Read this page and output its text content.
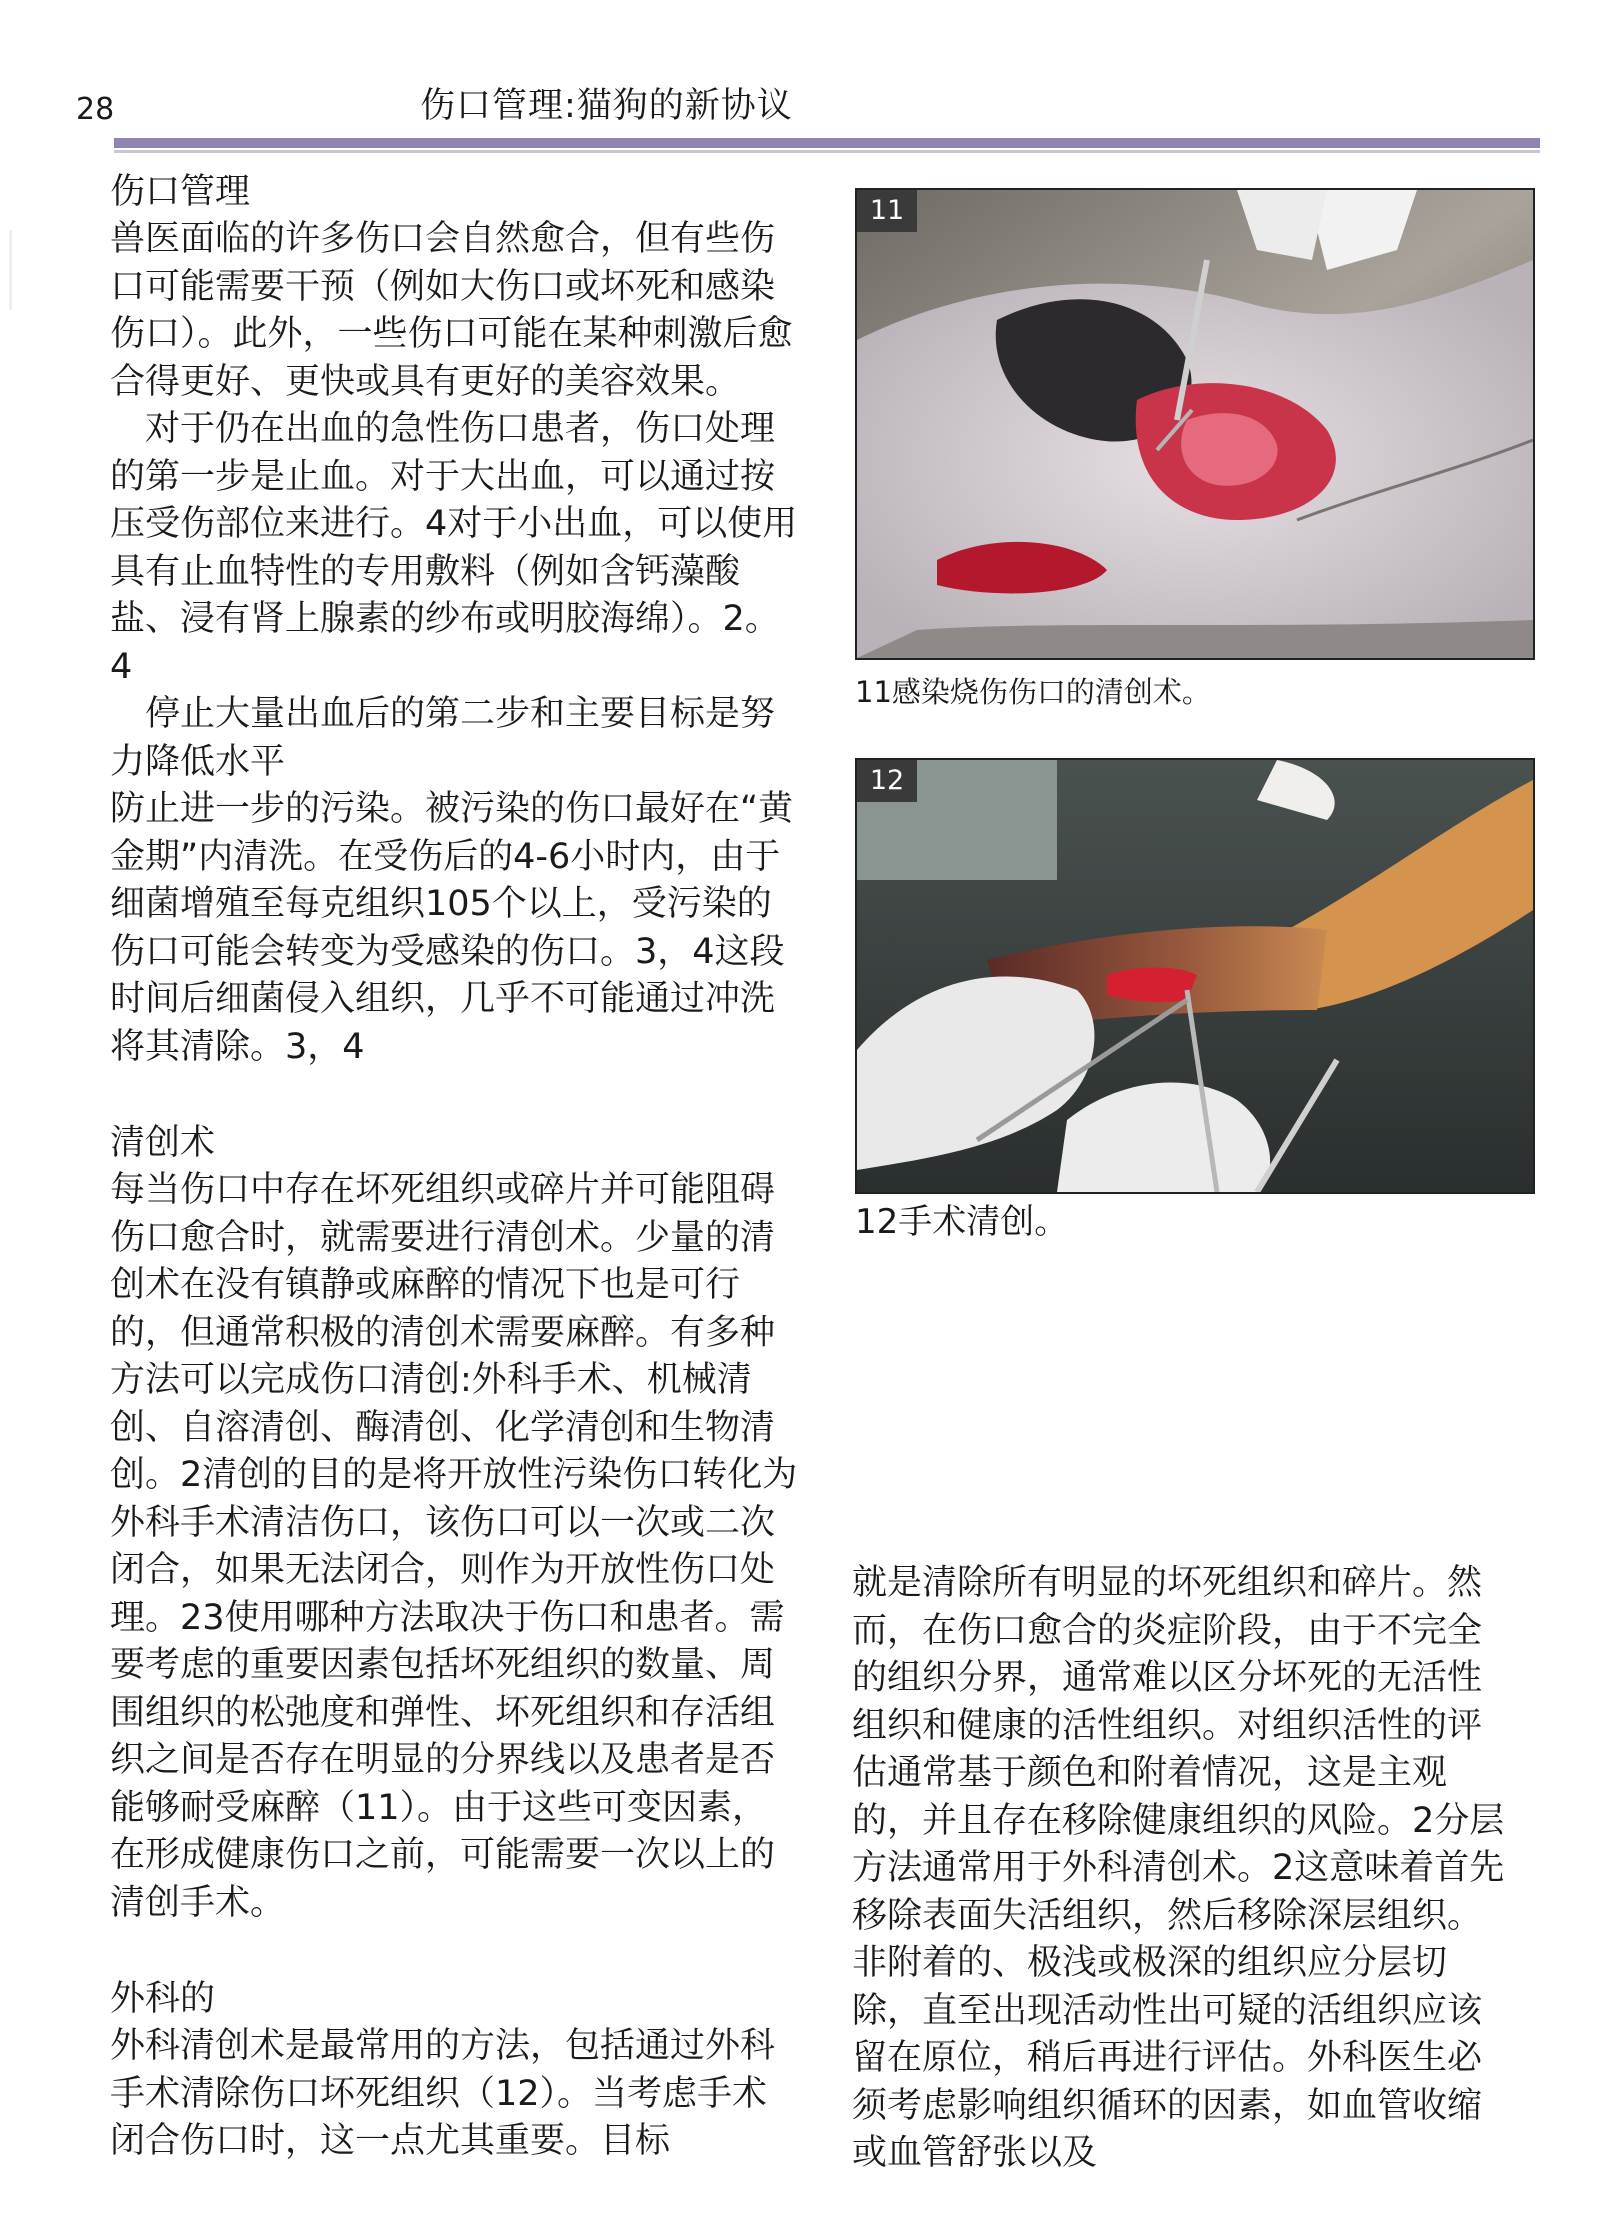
28	伤口管理:猫狗的新协议
伤口管理

兽医面临的许多伤口会自然愈合，但有些伤口可能需要干预（例如大伤口或坏死和感染伤口）。此外，一些伤口可能在某种刺激后愈合得更好、更快或具有更好的美容效果。

对于仍在出血的急性伤口患者，伤口处理的第一步是止血。对于大出血，可以通过按压受伤部位来进行。4对于小出血，可以使用具有止血特性的专用敷料（例如含钙藻酸盐、浸有肾上腺素的纱布或明胶海绵）。2。4

停止大量出血后的第二步和主要目标是努力降低水平

防止进一步的污染。被污染的伤口最好在“黄金期”内清洗。在受伤后的4-6小时内，由于细菌增殖至每克组织105个以上，受污染的伤口可能会转变为受感染的伤口。3，4这段时间后细菌侵入组织，几乎不可能通过冲洗将其清除。3，4

清创术

每当伤口中存在坏死组织或碎片并可能阻碍伤口愈合时，就需要进行清创术。少量的清创术在没有镇静或麻醉的情况下也是可行的，但通常积极的清创术需要麻醉。有多种方法可以完成伤口清创:外科手术、机械清创、自溶清创、酶清创、化学清创和生物清创。2清创的目的是将开放性污染伤口转化为外科手术清洁伤口，该伤口可以一次或二次闭合，如果无法闭合，则作为开放性伤口处理。23使用哪种方法取决于伤口和患者。需要考虑的重要因素包括坏死组织的数量、周围组织的松弛度和弹性、坏死组织和存活组织之间是否存在明显的分界线以及患者是否能够耐受麻醉（11）。由于这些可变因素，在形成健康伤口之前，可能需要一次以上的清创手术。

外科的

外科清创术是最常用的方法，包括通过外科手术清除伤口坏死组织（12）。当考虑手术闭合伤口时，这一点尤其重要。目标

11
11感染烧伤伤口的清创术。
12
12手术清创。

就是清除所有明显的坏死组织和碎片。然而，在伤口愈合的炎症阶段，由于不完全的组织分界，通常难以区分坏死的无活性组织和健康的活性组织。对组织活性的评估通常基于颜色和附着情况，这是主观的，并且存在移除健康组织的风险。2分层方法通常用于外科清创术。2这意味着首先移除表面失活组织，然后移除深层组织。非附着的、极浅或极深的组织应分层切除，直至出现活动性出可疑的活组织应该留在原位，稍后再进行评估。外科医生必须考虑影响组织循环的因素，如血管收缩或血管舒张以及
